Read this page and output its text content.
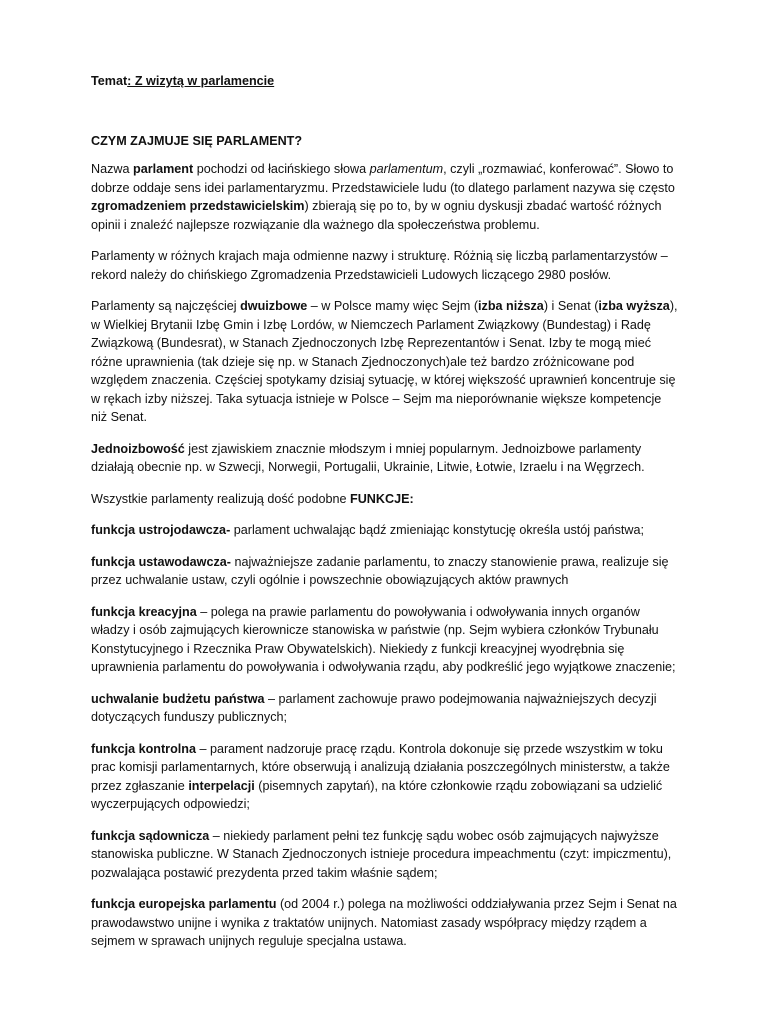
Temat: Z wizytą w parlamencie
CZYM ZAJMUJE SIĘ PARLAMENT?

Nazwa parlament pochodzi od łacińskiego słowa parlamentum, czyli „rozmawiać, konferować”. Słowo to dobrze oddaje sens idei parlamentaryzmu. Przedstawiciele ludu (to dlatego parlament nazywa się często zgromadzeniem przedstawicielskim) zbierają się po to, by w ogniu dyskusji zbadać wartość różnych opinii i znaleźć najlepsze rozwiązanie dla ważnego dla społeczeństwa problemu.

Parlamenty w różnych krajach maja odmienne nazwy i strukturę. Różnią się liczbą parlamentarzystów – rekord należy do chińskiego Zgromadzenia Przedstawicieli Ludowych liczącego 2980 posłów.

Parlamenty są najczęściej dwuizbowe – w Polsce mamy więc Sejm (izba niższa) i Senat (izba wyższa), w Wielkiej Brytanii Izbę Gmin i Izbę Lordów, w Niemczech Parlament Związkowy (Bundestag) i Radę Związkową (Bundesrat), w Stanach Zjednoczonych Izbę Reprezentantów i Senat. Izby te mogą mieć różne uprawnienia (tak dzieje się np. w Stanach Zjednoczonych)ale też bardzo zróżnicowane pod względem znaczenia. Częściej spotykamy dzisiaj sytuację, w której większość uprawnień koncentruje się w rękach izby niższej. Taka sytuacja istnieje w Polsce – Sejm ma nieporównanie większe kompetencje niż Senat.

Jednoizbowość jest zjawiskiem znacznie młodszym i mniej popularnym. Jednoizbowe parlamenty działają obecnie np. w Szwecji, Norwegii, Portugalii, Ukrainie, Litwie, Łotwie, Izraelu i na Węgrzech.

Wszystkie parlamenty realizują dość podobne FUNKCJE:

funkcja ustrojodawcza- parlament uchwalając bądź zmieniając konstytucję określa ustój państwa;

funkcja ustawodawcza- najważniejsze zadanie parlamentu, to znaczy stanowienie prawa, realizuje się przez uchwalanie ustaw, czyli ogólnie i powszechnie obowiązujących aktów prawnych

funkcja kreacyjna – polega na prawie parlamentu do powoływania i odwoływania innych organów władzy i osób zajmujących kierownicze stanowiska w państwie (np. Sejm wybiera członków Trybunału Konstytucyjnego i Rzecznika Praw Obywatelskich). Niekiedy z funkcji kreacyjnej wyodrębnia się uprawnienia parlamentu do powoływania i odwoływania rządu, aby podkreślić jego wyjątkowe znaczenie;

uchwalanie budżetu państwa – parlament zachowuje prawo podejmowania najważniejszych decyzji dotyczących funduszy publicznych;

funkcja kontrolna – parament nadzoruje pracę rządu. Kontrola dokonuje się przede wszystkim w toku prac komisji parlamentarnych, które obserwują i analizują działania poszczególnych ministerstw, a także przez zgłaszanie interpelacji (pisemnych zapytań), na które członkowie rządu zobowiązani sa udzielić wyczerpujących odpowiedzi;

funkcja sądownicza – niekiedy parlament pełni tez funkcję sądu wobec osób zajmujących najwyższe stanowiska publiczne. W Stanach Zjednoczonych istnieje procedura impeachmentu (czyt: impiczmentu), pozwalająca postawić prezydenta przed takim właśnie sądem;

funkcja europejska parlamentu (od 2004 r.) polega na możliwości oddziaływania przez Sejm i Senat na prawodawstwo unijne i wynika z traktatów unijnych. Natomiast zasady współpracy między rządem a sejmem w sprawach unijnych reguluje specjalna ustawa.
